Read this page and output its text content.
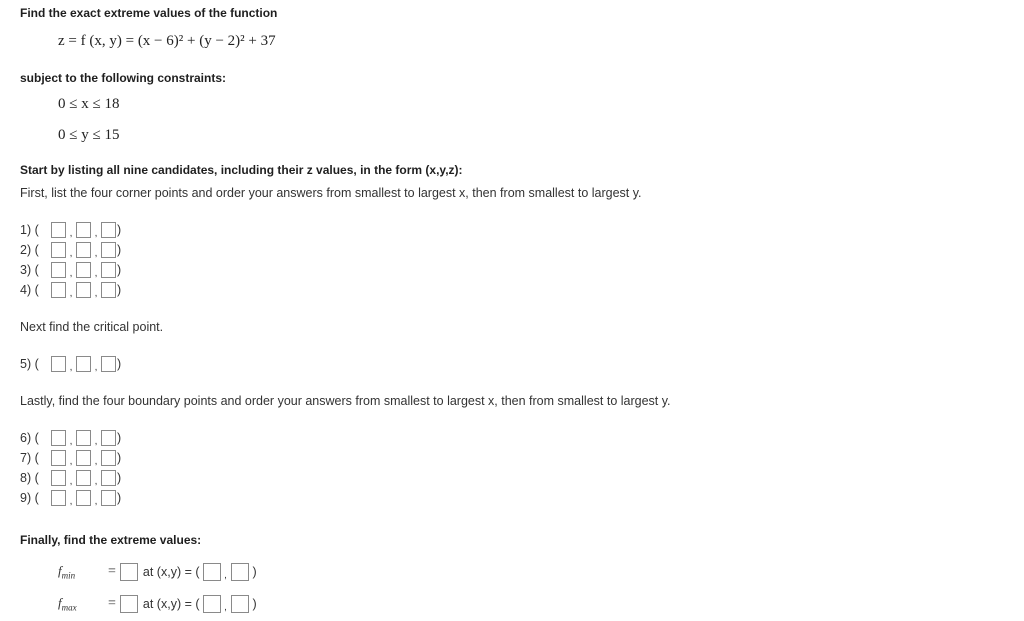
Find the exact extreme values of the function
z = f (x, y) = (x − 6)² + (y − 2)² + 37
subject to the following constraints:
0 ≤ x ≤ 18
0 ≤ y ≤ 15
Start by listing all nine candidates, including their z values, in the form (x,y,z):
First, list the four corner points and order your answers from smallest to largest x, then from smallest to largest y.
1) (	, , )
2) (	, , )
3) (	, , )
4) (	, , )
Next find the critical point.
5) (	, , )
Lastly, find the four boundary points and order your answers from smallest to largest x, then from smallest to largest y.
6) (	, , )
7) (	, , )
8) (	, , )
9) (	, , )
Finally, find the extreme values:
$f_{min}$	= at (x,y) = ( , )
$f_{max}$	= at (x,y) = ( , )
